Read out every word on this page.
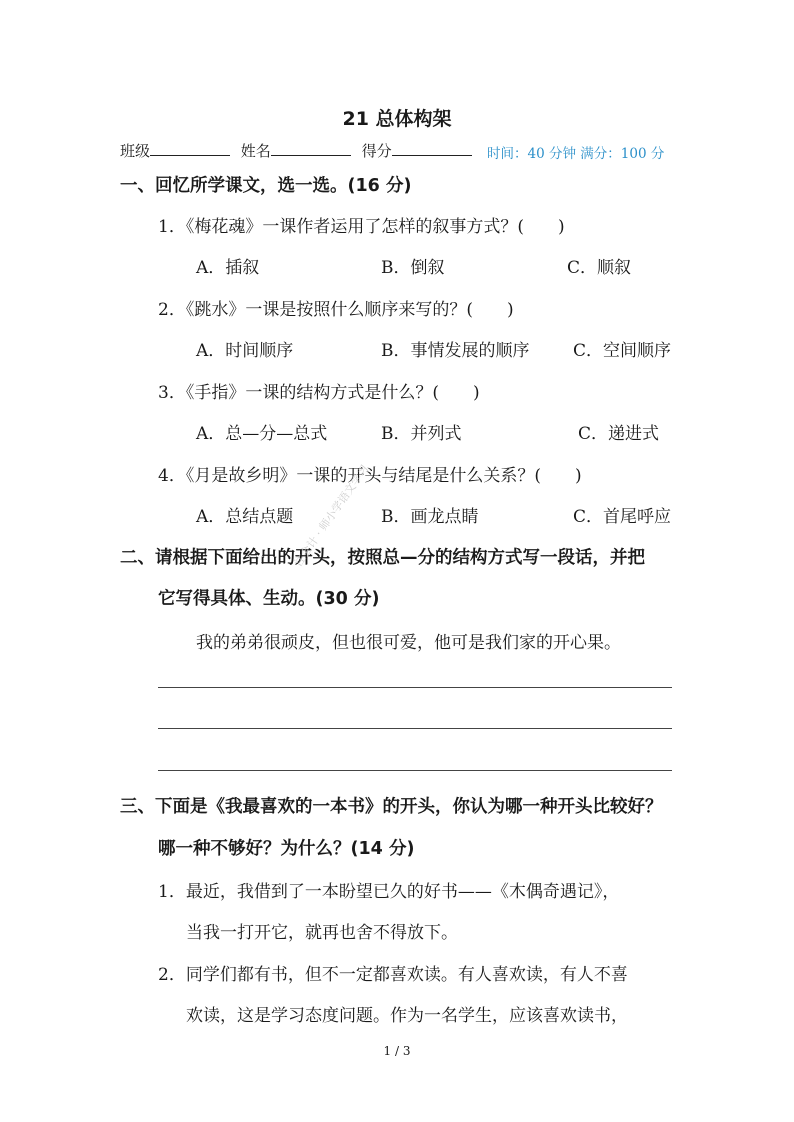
21 总体构架
班级	姓名	得分	时间：40 分钟 满分：100 分
一、回忆所学课文，选一选。(16 分)
1．《梅花魂》一课作者运用了怎样的叙事方式？(　　)
A．插叙	B．倒叙	C．顺叙
2．《跳水》一课是按照什么顺序来写的？(　　)
A．时间顺序	B．事情发展的顺序	C．空间顺序
3．《手指》一课的结构方式是什么？(　　)
A．总—分—总式	B．并列式	C．递进式
4．《月是故乡明》一课的开头与结尾是什么关系？(　　)
A．总结点题	B．画龙点睛	C．首尾呼应
二、请根据下面给出的开头，按照总—分的结构方式写一段话，并把
它写得具体、生动。(30 分)
我的弟弟很顽皮，但也很可爱，他可是我们家的开心果。
三、下面是《我最喜欢的一本书》的开头，你认为哪一种开头比较好？
哪一种不够好？为什么？(14 分)
1．最近，我借到了一本盼望已久的好书——《木偶奇遇记》，
当我一打开它，就再也舍不得放下。
2．同学们都有书，但不一定都喜欢读。有人喜欢读，有人不喜
欢读，这是学习态度问题。作为一名学生，应该喜欢读书，
注会计 · 师小学语文学习
1 / 3
